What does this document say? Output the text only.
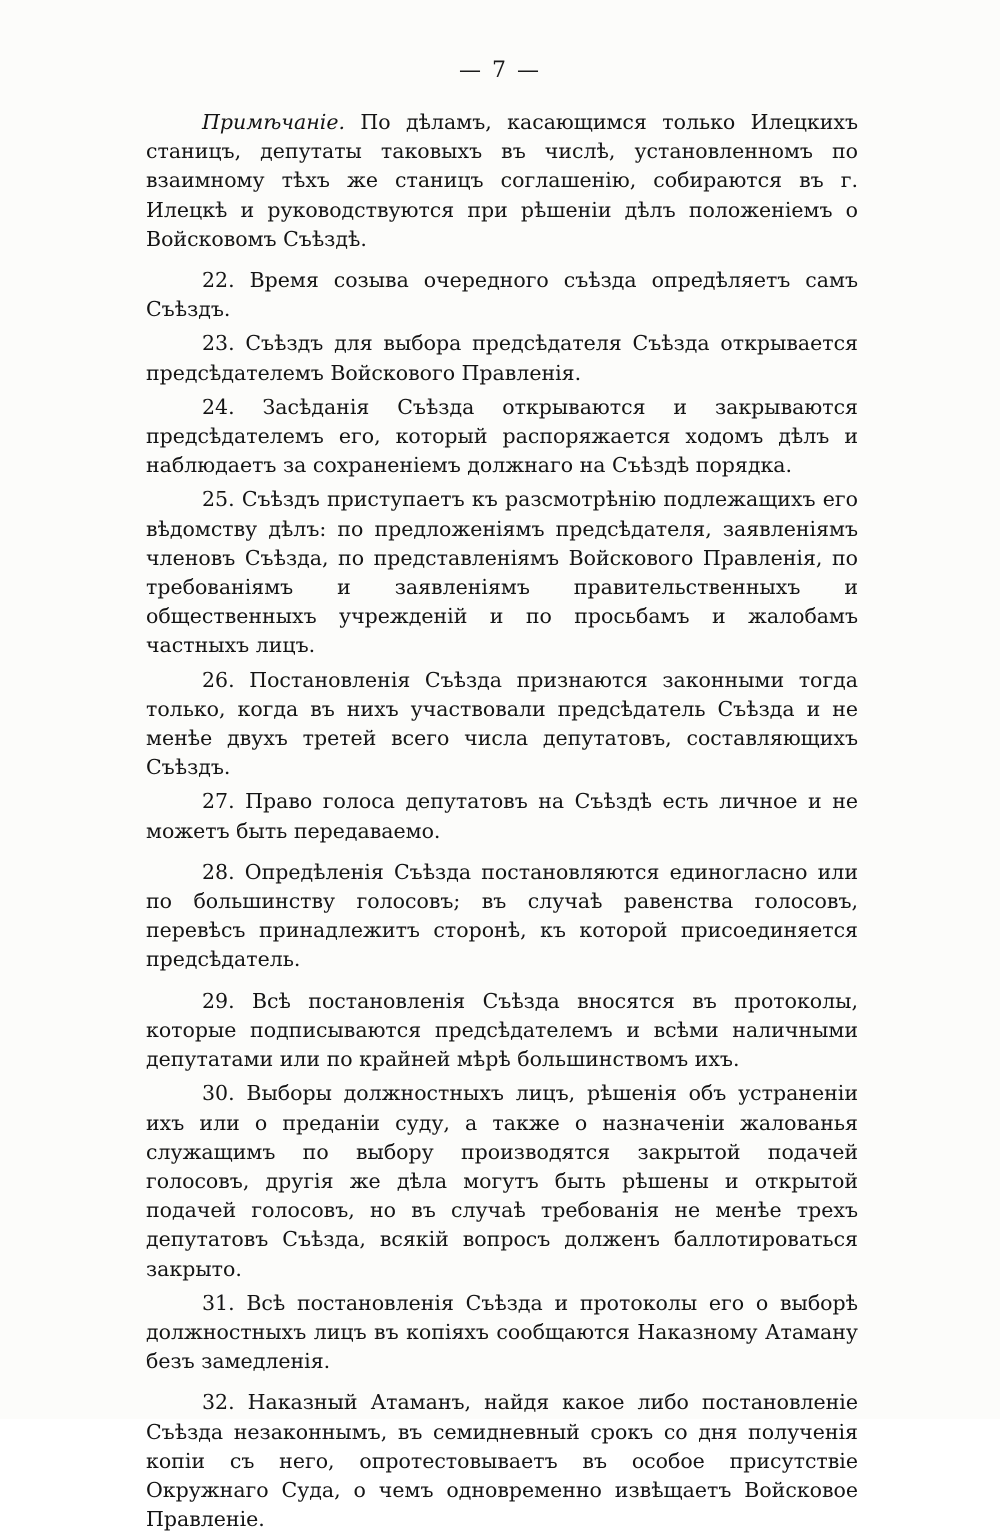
— 7 —

Примѣчаніе. По дѣламъ, касающимся только Илецкихъ станицъ, депутаты таковыхъ въ числѣ, установленномъ по взаимному тѣхъ же станицъ соглашенію, собираются въ г. Илецкѣ и руководствуются при рѣшеніи дѣлъ положеніемъ о Войсковомъ Съѣздѣ.

22. Время созыва очередного съѣзда опредѣляетъ самъ Съѣздъ.

23. Съѣздъ для выбора предсѣдателя Съѣзда открывается предсѣдателемъ Войскового Правленія.

24. Засѣданія Съѣзда открываются и закрываются предсѣдателемъ его, который распоряжается ходомъ дѣлъ и наблюдаетъ за сохраненіемъ должнаго на Съѣздѣ порядка.

25. Съѣздъ приступаетъ къ разсмотрѣнію подлежащихъ его вѣдомству дѣлъ: по предложеніямъ предсѣдателя, заявленіямъ членовъ Съѣзда, по представленіямъ Войскового Правленія, по требованіямъ и заявленіямъ правительственныхъ и общественныхъ учрежденій и по просьбамъ и жалобамъ частныхъ лицъ.

26. Постановленія Съѣзда признаются законными тогда только, когда въ нихъ участвовали предсѣдатель Съѣзда и не менѣе двухъ третей всего числа депутатовъ, составляющихъ Съѣздъ.

27. Право голоса депутатовъ на Съѣздѣ есть личное и не можетъ быть передаваемо.

28. Опредѣленія Съѣзда постановляются единогласно или по большинству голосовъ; въ случаѣ равенства голосовъ, перевѣсъ принадлежитъ сторонѣ, къ которой присоединяется предсѣдатель.

29. Всѣ постановленія Съѣзда вносятся въ протоколы, которые подписываются предсѣдателемъ и всѣми наличными депутатами или по крайней мѣрѣ большинствомъ ихъ.

30. Выборы должностныхъ лицъ, рѣшенія объ устраненіи ихъ или о преданіи суду, а также о назначеніи жалованья служащимъ по выбору производятся закрытой подачей голосовъ, другія же дѣла могутъ быть рѣшены и открытой подачей голосовъ, но въ случаѣ требованія не менѣе трехъ депутатовъ Съѣзда, всякій вопросъ долженъ баллотироваться закрыто.

31. Всѣ постановленія Съѣзда и протоколы его о выборѣ должностныхъ лицъ въ копіяхъ сообщаются Наказному Атаману безъ замедленія.

32. Наказный Атаманъ, найдя какое либо постановленіе Съѣзда незаконнымъ, въ семидневный срокъ со дня полученія копіи съ него, опротестовываетъ въ особое присутствіе Окружнаго Суда, о чемъ одновременно извѣщаетъ Войсковое Правленіе.
